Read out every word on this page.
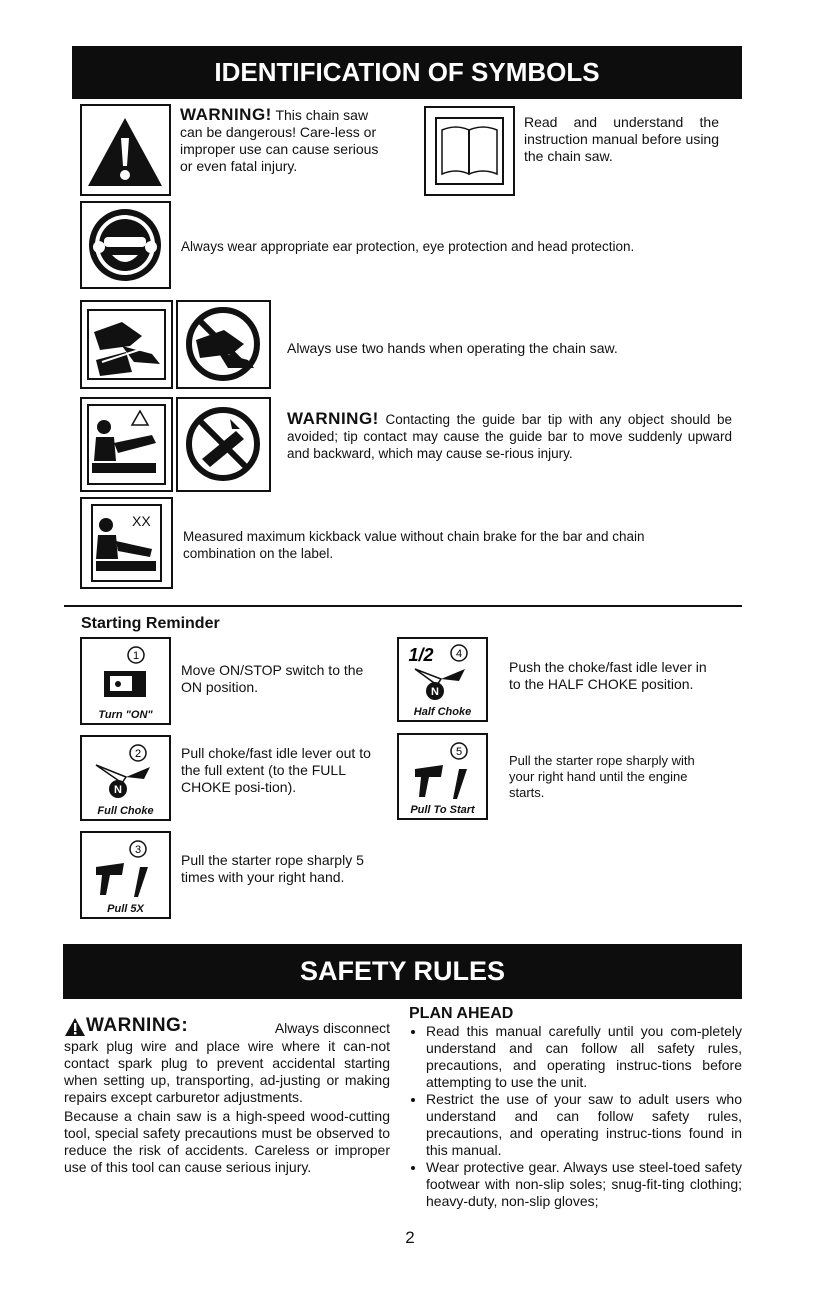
IDENTIFICATION OF SYMBOLS
WARNING! This chain saw can be dangerous! Care-less or improper use can cause serious or even fatal injury.
Read and understand the instruction manual before using the chain saw.
Always wear appropriate ear protection, eye protection and head protection.
Always use two hands when operating the chain saw.
WARNING! Contacting the guide bar tip with any object should be avoided; tip contact may cause the guide bar to move suddenly upward and backward, which may cause se-rious injury.
XX
Measured maximum kickback value without chain brake for the bar and chain combination on the label.
Starting Reminder
1
Turn "ON"
Move ON/STOP switch to the ON position.
2
N
Full Choke
Pull choke/fast idle lever out to the full extent (to the FULL CHOKE posi-tion).
3
Pull 5X
Pull the starter rope sharply 5 times with your right hand.
1/2 4
N
Half Choke
Push the choke/fast idle lever in to the HALF CHOKE position.
5
Pull To Start
Pull the starter rope sharply with your right hand until the engine starts.
SAFETY RULES
WARNING:	Always disconnect
spark plug wire and place wire where it can-not contact spark plug to prevent accidental starting when setting up, transporting, ad-justing or making repairs except carburetor adjustments.
Because a chain saw is a high-speed wood-cutting tool, special safety precautions must be observed to reduce the risk of accidents. Careless or improper use of this tool can cause serious injury.
PLAN AHEAD
• Read this manual carefully until you com-pletely understand and can follow all safety rules, precautions, and operating instruc-tions before attempting to use the unit.
• Restrict the use of your saw to adult users who understand and can follow safety rules, precautions, and operating instruc-tions found in this manual.
• Wear protective gear. Always use steel-toed safety footwear with non-slip soles; snug-fit-ting clothing; heavy-duty, non-slip gloves;
2
